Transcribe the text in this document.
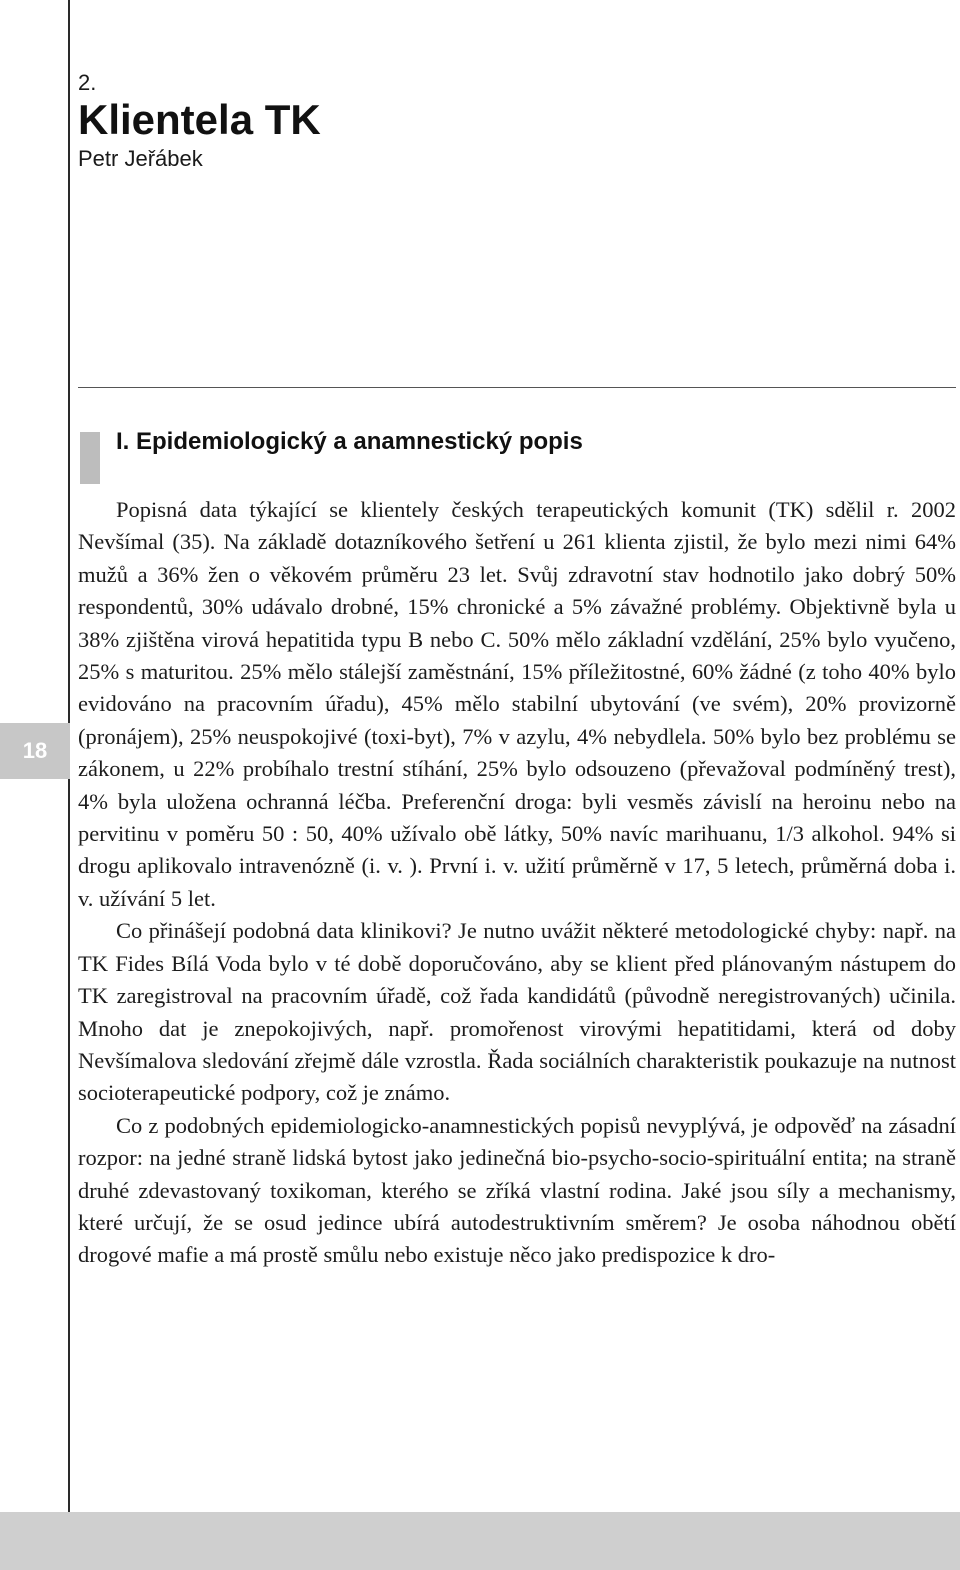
18
2.
Klientela TK
Petr Jeřábek
I. Epidemiologický a anamnestický popis

Popisná data týkající se klientely českých terapeutických komunit (TK) sdělil r. 2002 Nevšímal (35). Na základě dotazníkového šetření u 261 klienta zjistil, že bylo mezi nimi 64% mužů a 36% žen o věkovém průměru 23 let. Svůj zdravotní stav hodnotilo jako dobrý 50% respondentů, 30% udávalo drobné, 15% chronické a 5% závažné problémy. Objektivně byla u 38% zjištěna virová hepatitida typu B nebo C. 50% mělo základní vzdělání, 25% bylo vyučeno, 25% s maturitou. 25% mělo stálejší zaměstnání, 15% příležitostné, 60% žádné (z toho 40% bylo evidováno na pracovním úřadu), 45% mělo stabilní ubytování (ve svém), 20% provizorně (pronájem), 25% neuspokojivé (toxi-byt), 7% v azylu, 4% nebydlela. 50% bylo bez problému se zákonem, u 22% probíhalo trestní stíhání, 25% bylo odsouzeno (převažoval podmíněný trest), 4% byla uložena ochranná léčba. Preferenční droga: byli vesměs závislí na heroinu nebo na pervitinu v poměru 50 : 50, 40% užívalo obě látky, 50% navíc marihuanu, 1/3 alkohol. 94% si drogu aplikovalo intravenózně (i. v. ). První i. v. užití průměrně v 17, 5 letech, průměrná doba i. v. užívání 5 let.

Co přinášejí podobná data klinikovi? Je nutno uvážit některé metodologické chyby: např. na TK Fides Bílá Voda bylo v té době doporučováno, aby se klient před plánovaným nástupem do TK zaregistroval na pracovním úřadě, což řada kandidátů (původně neregistrovaných) učinila. Mnoho dat je znepokojivých, např. promořenost virovými hepatitidami, která od doby Nevšímalova sledování zřejmě dále vzrostla. Řada sociálních charakteristik poukazuje na nutnost socioterapeutické podpory, což je známo.

Co z podobných epidemiologicko-anamnestických popisů nevyplývá, je odpověď na zásadní rozpor: na jedné straně lidská bytost jako jedinečná bio-psycho-socio-spirituální entita; na straně druhé zdevastovaný toxikoman, kterého se zříká vlastní rodina. Jaké jsou síly a mechanismy, které určují, že se osud jedince ubírá autodestruktivním směrem? Je osoba náhodnou obětí drogové mafie a má prostě smůlu nebo existuje něco jako predispozice k dro-
